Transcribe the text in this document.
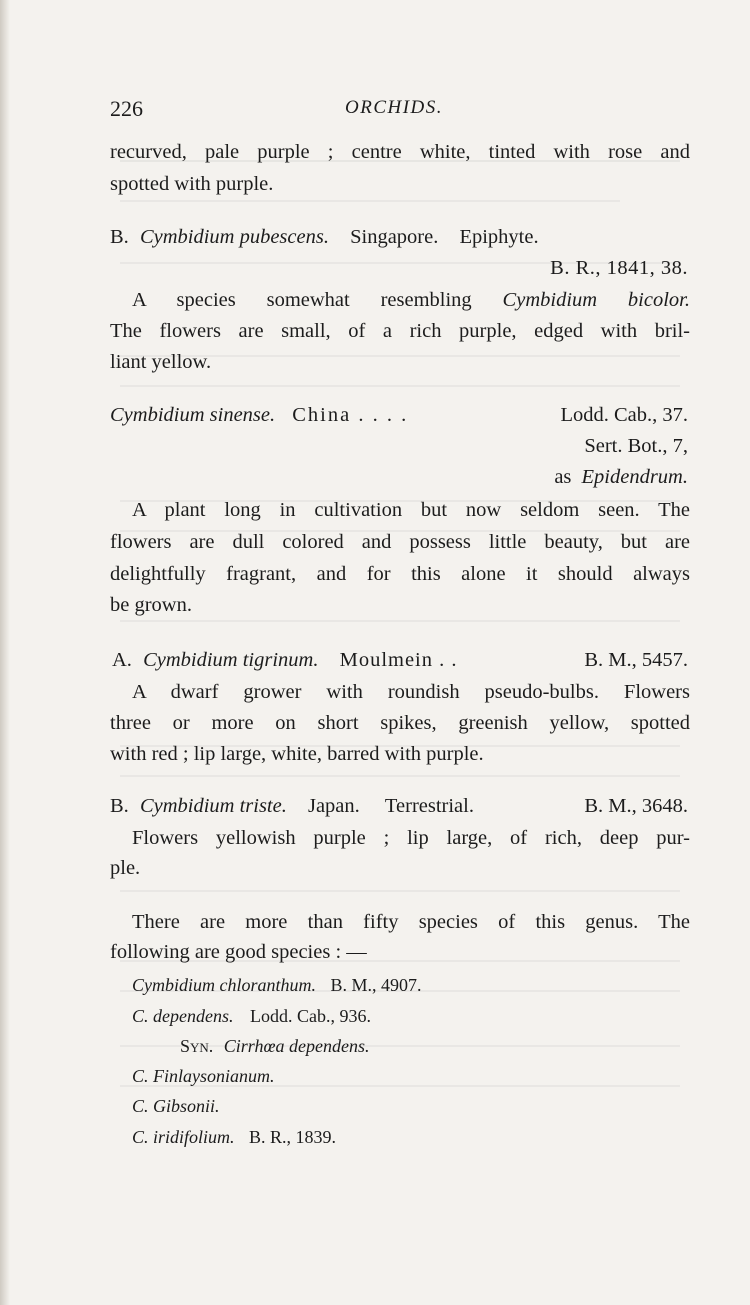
226	ORCHIDS.
recurved, pale purple ; centre white, tinted with rose and
spotted with purple.
B. Cymbidium pubescens. Singapore. Epiphyte.
B. R., 1841, 38.
A species somewhat resembling Cymbidium bicolor.
The flowers are small, of a rich purple, edged with bril-
liant yellow.
Cymbidium sinense. China . . . .	Lodd. Cab., 37.
Sert. Bot., 7,
as Epidendrum.
A plant long in cultivation but now seldom seen. The
flowers are dull colored and possess little beauty, but are
delightfully fragrant, and for this alone it should always
be grown.
A. Cymbidium tigrinum. Moulmein . .	B. M., 5457.
A dwarf grower with roundish pseudo-bulbs. Flowers
three or more on short spikes, greenish yellow, spotted
with red ; lip large, white, barred with purple.
B. Cymbidium triste. Japan. Terrestrial.	B. M., 3648.
Flowers yellowish purple ; lip large, of rich, deep pur-
ple.
There are more than fifty species of this genus. The
following are good species : —
Cymbidium chloranthum. B. M., 4907.
C. dependens. Lodd. Cab., 936.
Syn. Cirrhœa dependens.
C. Finlaysonianum.
C. Gibsonii.
C. iridifolium. B. R., 1839.
